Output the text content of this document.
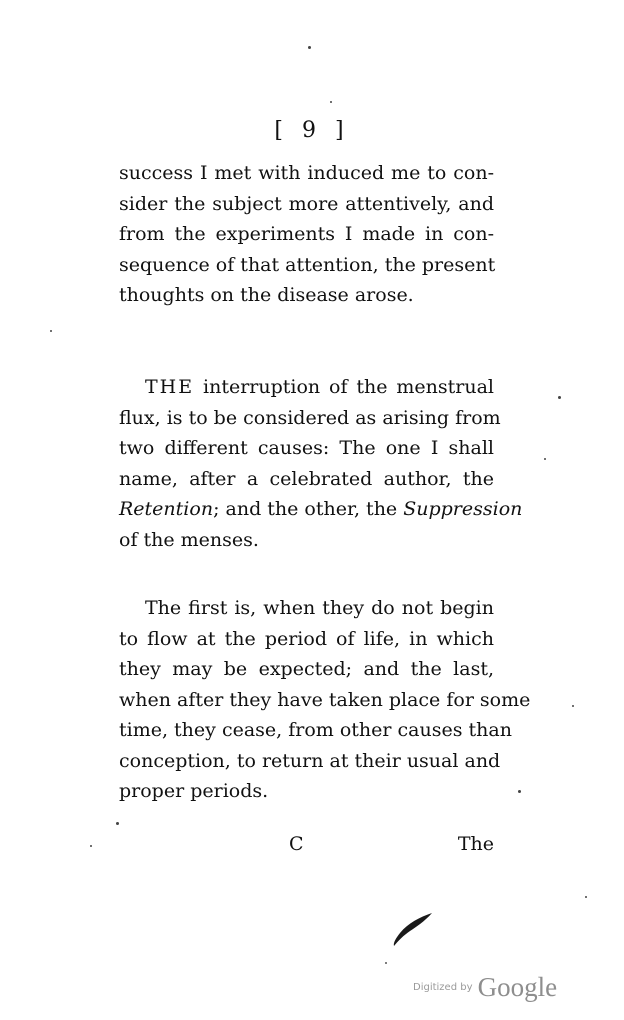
[ 9 ]
success I met with induced me to con-
sider the subject more attentively, and
from the experiments I made in con-
sequence of that attention, the present
thoughts on the disease arose.
THE interruption of the menstrual
flux, is to be considered as arising from
two different causes: The one I shall
name, after a celebrated author, the
Retention; and the other, the Suppression
of the menses.
The first is, when they do not begin
to flow at the period of life, in which
they may be expected; and the last,
when after they have taken place for some
time, they cease, from other causes than
conception, to return at their usual and
proper periods.
C	The
Digitized by Google
